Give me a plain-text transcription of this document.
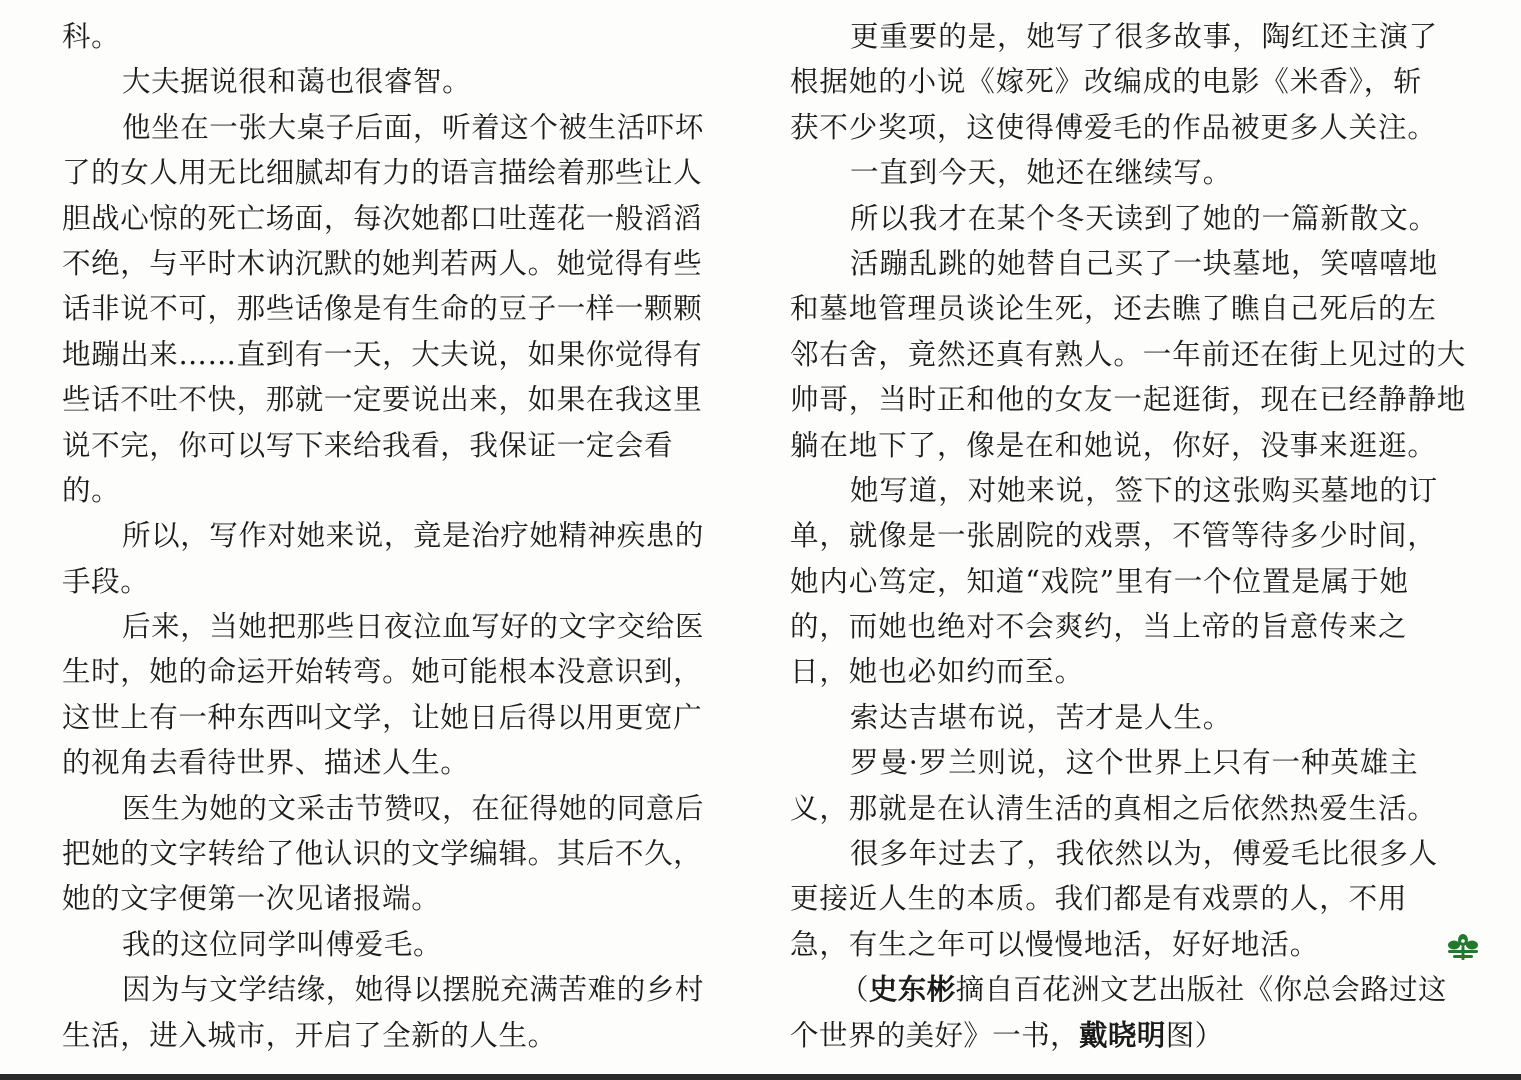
科。
大夫据说很和蔼也很睿智。
他坐在一张大桌子后面，听着这个被生活吓坏
了的女人用无比细腻却有力的语言描绘着那些让人
胆战心惊的死亡场面，每次她都口吐莲花一般滔滔
不绝，与平时木讷沉默的她判若两人。她觉得有些
话非说不可，那些话像是有生命的豆子一样一颗颗
地蹦出来……直到有一天，大夫说，如果你觉得有
些话不吐不快，那就一定要说出来，如果在我这里
说不完，你可以写下来给我看，我保证一定会看
的。
所以，写作对她来说，竟是治疗她精神疾患的
手段。
后来，当她把那些日夜泣血写好的文字交给医
生时，她的命运开始转弯。她可能根本没意识到，
这世上有一种东西叫文学，让她日后得以用更宽广
的视角去看待世界、描述人生。
医生为她的文采击节赞叹，在征得她的同意后
把她的文字转给了他认识的文学编辑。其后不久，
她的文字便第一次见诸报端。
我的这位同学叫傅爱毛。
因为与文学结缘，她得以摆脱充满苦难的乡村
生活，进入城市，开启了全新的人生。
更重要的是，她写了很多故事，陶红还主演了
根据她的小说《嫁死》改编成的电影《米香》，斩
获不少奖项，这使得傅爱毛的作品被更多人关注。
一直到今天，她还在继续写。
所以我才在某个冬天读到了她的一篇新散文。
活蹦乱跳的她替自己买了一块墓地，笑嘻嘻地
和墓地管理员谈论生死，还去瞧了瞧自己死后的左
邻右舍，竟然还真有熟人。一年前还在街上见过的大
帅哥，当时正和他的女友一起逛街，现在已经静静地
躺在地下了，像是在和她说，你好，没事来逛逛。
她写道，对她来说，签下的这张购买墓地的订
单，就像是一张剧院的戏票，不管等待多少时间，
她内心笃定，知道“戏院”里有一个位置是属于她
的，而她也绝对不会爽约，当上帝的旨意传来之
日，她也必如约而至。
索达吉堪布说，苦才是人生。
罗曼·罗兰则说，这个世界上只有一种英雄主
义，那就是在认清生活的真相之后依然热爱生活。
很多年过去了，我依然以为，傅爱毛比很多人
更接近人生的本质。我们都是有戏票的人，不用
急，有生之年可以慢慢地活，好好地活。
（史东彬摘自百花洲文艺出版社《你总会路过这
个世界的美好》一书，戴晓明图）
